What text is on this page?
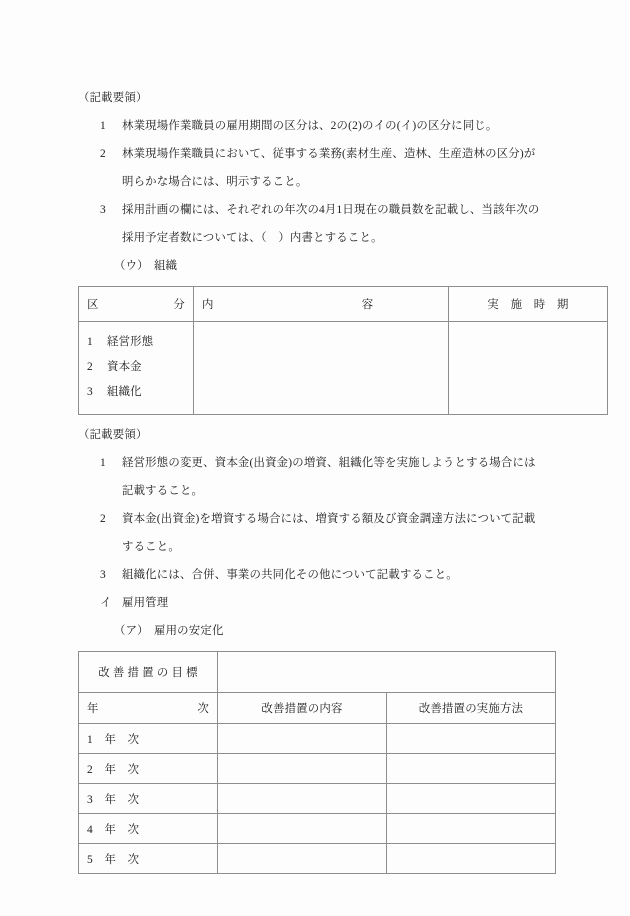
（記載要領）
1 林業現場作業職員の雇用期間の区分は、2の(2)のイの(イ)の区分に同じ。
2 林業現場作業職員において、従事する業務(素材生産、造林、生産造林の区分)が
明らかな場合には、明示すること。
3 採用計画の欄には、それぞれの年次の4月1日現在の職員数を記載し、当該年次の
採用予定者数については、（　）内書とすること。
（ウ） 組織
区　　　　分	内　　　　　　　　　　　容	実　施　時　期

1 経営形態
2 資本金
3 組織化		

（記載要領）
1 経営形態の変更、資本金(出資金)の増資、組織化等を実施しようとする場合には
記載すること。
2 資本金(出資金)を増資する場合には、増資する額及び資金調達方法について記載
すること。
3 組織化には、合併、事業の共同化その他について記載すること。
イ 雇用管理
（ア） 雇用の安定化
改 善 措 置 の 目 標		

年　　　次	改善措置の内容	改善措置の実施方法
1　年　次		
2　年　次		
3　年　次		
4　年　次		
5　年　次		
